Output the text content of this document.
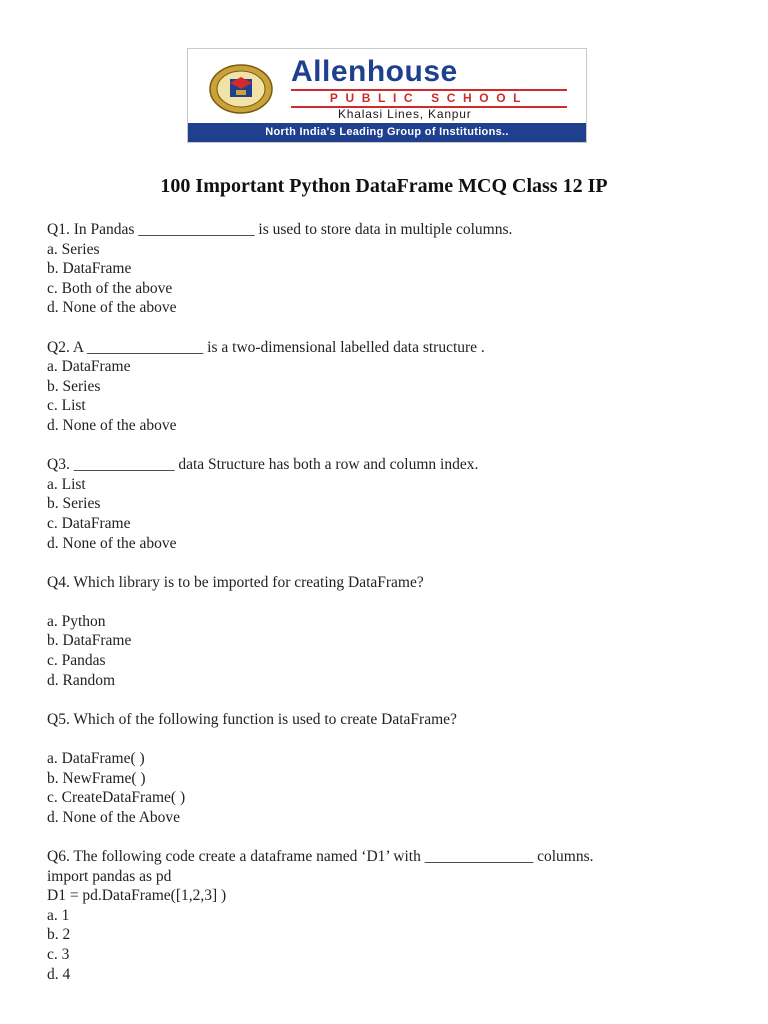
Allenhouse
PUBLIC SCHOOL
Khalasi Lines, Kanpur
North India's Leading Group of Institutions..
100 Important Python DataFrame MCQ Class 12 IP

Q1. In Pandas _______________ is used to store data in multiple columns.

a. Series

b. DataFrame

c. Both of the above

d. None of the above

Q2. A _______________ is a two-dimensional labelled data structure .

a. DataFrame

b. Series

c. List

d. None of the above

Q3. _____________ data Structure has both a row and column index.

a. List

b. Series

c. DataFrame

d. None of the above

Q4. Which library is to be imported for creating DataFrame?

a. Python

b. DataFrame

c. Pandas

d. Random

Q5. Which of the following function is used to create DataFrame?

a. DataFrame( )

b. NewFrame( )

c. CreateDataFrame( )

d. None of the Above

Q6. The following code create a dataframe named ‘D1’ with ______________ columns.

import pandas as pd

D1 = pd.DataFrame([1,2,3] )

a. 1

b. 2

c. 3

d. 4
